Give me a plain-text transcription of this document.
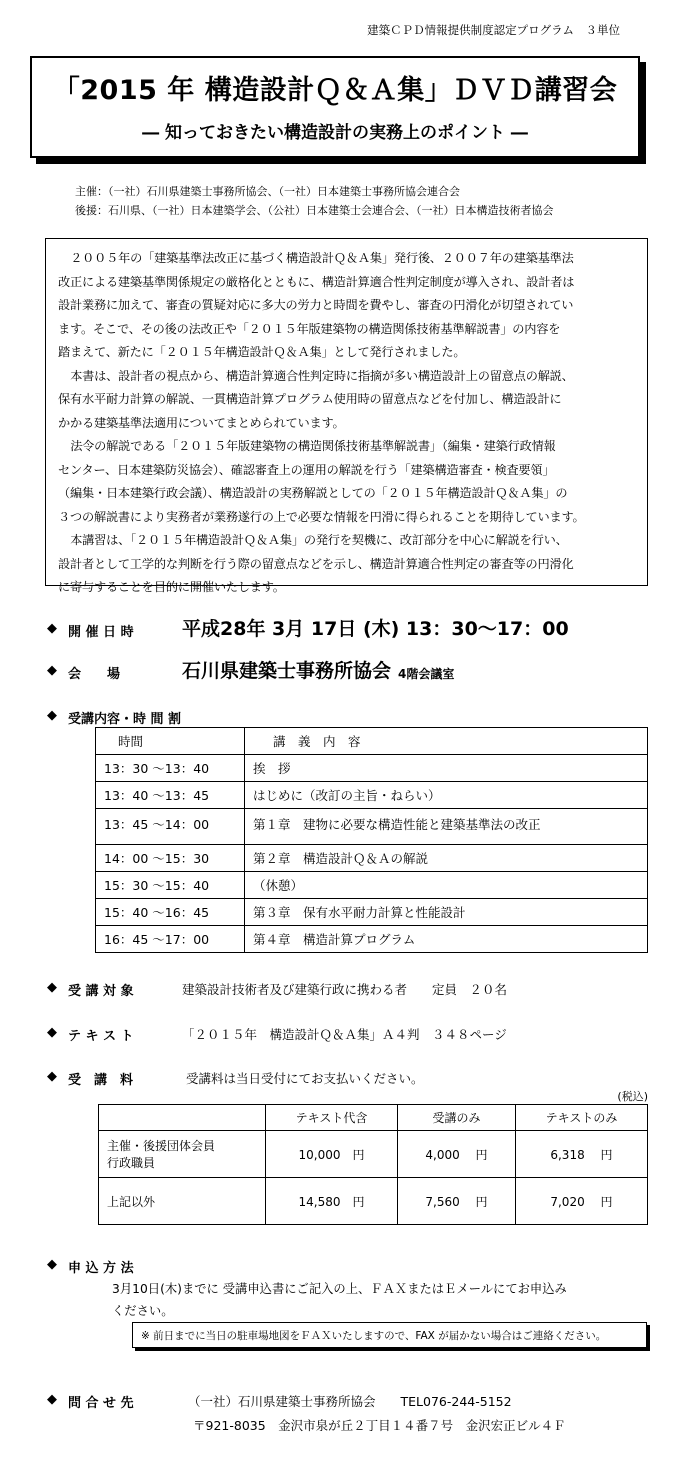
建築ＣＰＤ情報提供制度認定プログラム　３単位
「2015 年 構造設計Ｑ＆Ａ集」ＤＶＤ講習会
― 知っておきたい構造設計の実務上のポイント ―
主催：（一社）石川県建築士事務所協会、（一社）日本建築士事務所協会連合会
後援：石川県、（一社）日本建築学会、（公社）日本建築士会連合会、（一社）日本構造技術者協会

２００５年の「建築基準法改正に基づく構造設計Ｑ＆Ａ集」発行後、２００７年の建築基準法

改正による建築基準関係規定の厳格化とともに、構造計算適合性判定制度が導入され、設計者は

設計業務に加えて、審査の質疑対応に多大の労力と時間を費やし、審査の円滑化が切望されてい

ます。そこで、その後の法改正や「２０１５年版建築物の構造関係技術基準解説書」の内容を

踏まえて、新たに「２０１５年構造設計Ｑ＆Ａ集」として発行されました。

本書は、設計者の視点から、構造計算適合性判定時に指摘が多い構造設計上の留意点の解説、

保有水平耐力計算の解説、一貫構造計算プログラム使用時の留意点などを付加し、構造設計に

かかる建築基準法適用についてまとめられています。

法令の解説である「２０１５年版建築物の構造関係技術基準解説書」（編集・建築行政情報

センター、日本建築防災協会）、確認審査上の運用の解説を行う「建築構造審査・検査要領」

（編集・日本建築行政会議）、構造設計の実務解説としての「２０１５年構造設計Ｑ＆Ａ集」の

３つの解説書により実務者が業務遂行の上で必要な情報を円滑に得られることを期待しています。

本講習は、「２０１５年構造設計Ｑ＆Ａ集」の発行を契機に、改訂部分を中心に解説を行い、

設計者として工学的な判断を行う際の留意点などを示し、構造計算適合性判定の審査等の円滑化

に寄与することを目的に開催いたします。

◆ 開 催 日 時	平成28年 3月 17日 (木) 13：30～17：00
◆ 会　　場	石川県建築士事務所協会 4階会議室
◆ 受講内容・時 間 割
時間	講　義　内　容
13：30 ～13：40	挨　拶
13：40 ～13：45	はじめに（改訂の主旨・ねらい）
13：45 ～14：00	第１章　建物に必要な構造性能と建築基準法の改正
14：00 ～15：30	第２章　構造設計Ｑ＆Ａの解説
15：30 ～15：40	（休憩）
15：40 ～16：45	第３章　保有水平耐力計算と性能設計
16：45 ～17：00	第４章　構造計算プログラム
◆ 受 講 対 象	建築設計技術者及び建築行政に携わる者　　定員　２０名
◆ テ キ ス ト	「２０１５年　構造設計Ｑ＆Ａ集」Ａ４判　３４８ページ
◆ 受　講　料	受講料は当日受付にてお支払いください。
(税込)
	テキスト代含	受講のみ	テキストのみ

主催・後援団体会員
行政職員	10,000　円	4,000　 円	6,318　 円
上記以外	14,580　円	7,560　 円	7,020　 円
◆ 申 込 方 法
3月10日(木)までに 受講申込書にご記入の上、ＦＡＸまたはＥメールにてお申込み
ください。
※ 前日までに当日の駐車場地図をＦＡＸいたしますので、FAX が届かない場合はご連絡ください。
◆ 問 合 せ 先	（一社）石川県建築士事務所協会　　TEL076-244-5152
〒921-8035　金沢市泉が丘２丁目１４番７号　金沢宏正ビル４Ｆ
